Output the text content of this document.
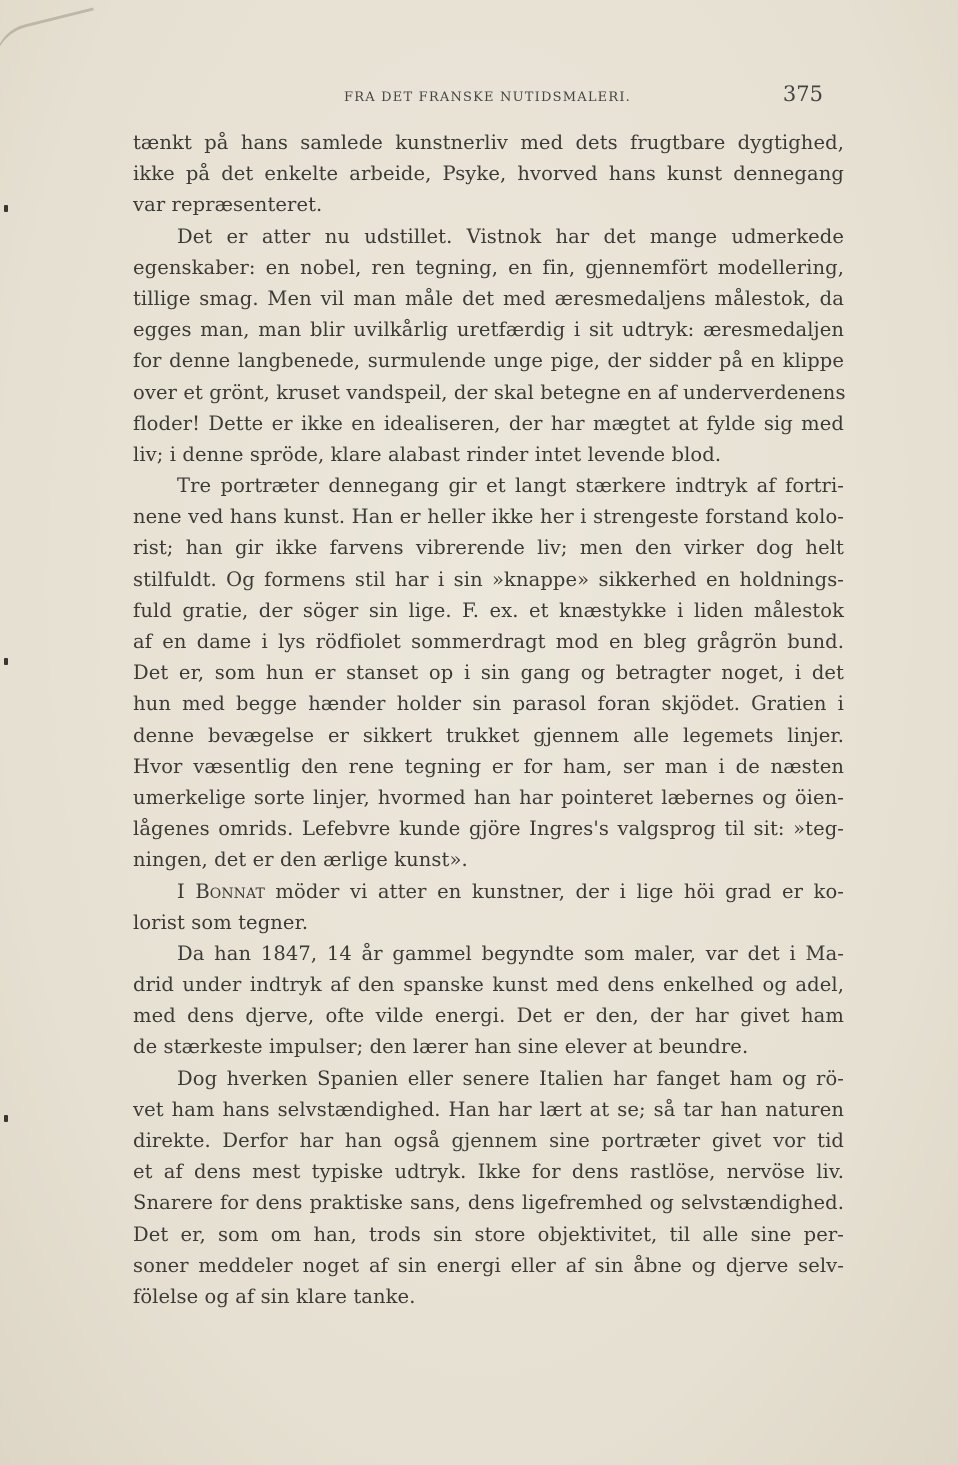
FRA DET FRANSKE NUTIDSMALERI.	375
tænkt på hans samlede kunstnerliv med dets frugtbare dygtighed,
ikke på det enkelte arbeide, Psyke, hvorved hans kunst dennegang
var repræsenteret.
Det er atter nu udstillet. Vistnok har det mange udmerkede
egenskaber: en nobel, ren tegning, en fin, gjennemfört modellering,
tillige smag. Men vil man måle det med æresmedaljens målestok, da
egges man, man blir uvilkårlig uretfærdig i sit udtryk: æresmedaljen
for denne langbenede, surmulende unge pige, der sidder på en klippe
over et grönt, kruset vandspeil, der skal betegne en af underverdenens
floder! Dette er ikke en idealiseren, der har mægtet at fylde sig med
liv; i denne spröde, klare alabast rinder intet levende blod.
Tre portræter dennegang gir et langt stærkere indtryk af fortri-
nene ved hans kunst. Han er heller ikke her i strengeste forstand kolo-
rist; han gir ikke farvens vibrerende liv; men den virker dog helt
stilfuldt. Og formens stil har i sin »knappe» sikkerhed en holdnings-
fuld gratie, der söger sin lige. F. ex. et knæstykke i liden målestok
af en dame i lys rödfiolet sommerdragt mod en bleg grågrön bund.
Det er, som hun er stanset op i sin gang og betragter noget, i det
hun med begge hænder holder sin parasol foran skjödet. Gratien i
denne bevægelse er sikkert trukket gjennem alle legemets linjer.
Hvor væsentlig den rene tegning er for ham, ser man i de næsten
umerkelige sorte linjer, hvormed han har pointeret læbernes og öien-
lågenes omrids. Lefebvre kunde gjöre Ingres's valgsprog til sit: »teg-
ningen, det er den ærlige kunst».
I Bonnat möder vi atter en kunstner, der i lige höi grad er ko-
lorist som tegner.
Da han 1847, 14 år gammel begyndte som maler, var det i Ma-
drid under indtryk af den spanske kunst med dens enkelhed og adel,
med dens djerve, ofte vilde energi. Det er den, der har givet ham
de stærkeste impulser; den lærer han sine elever at beundre.
Dog hverken Spanien eller senere Italien har fanget ham og rö-
vet ham hans selvstændighed. Han har lært at se; så tar han naturen
direkte. Derfor har han også gjennem sine portræter givet vor tid
et af dens mest typiske udtryk. Ikke for dens rastlöse, nervöse liv.
Snarere for dens praktiske sans, dens ligefremhed og selvstændighed.
Det er, som om han, trods sin store objektivitet, til alle sine per-
soner meddeler noget af sin energi eller af sin åbne og djerve selv-
fölelse og af sin klare tanke.
